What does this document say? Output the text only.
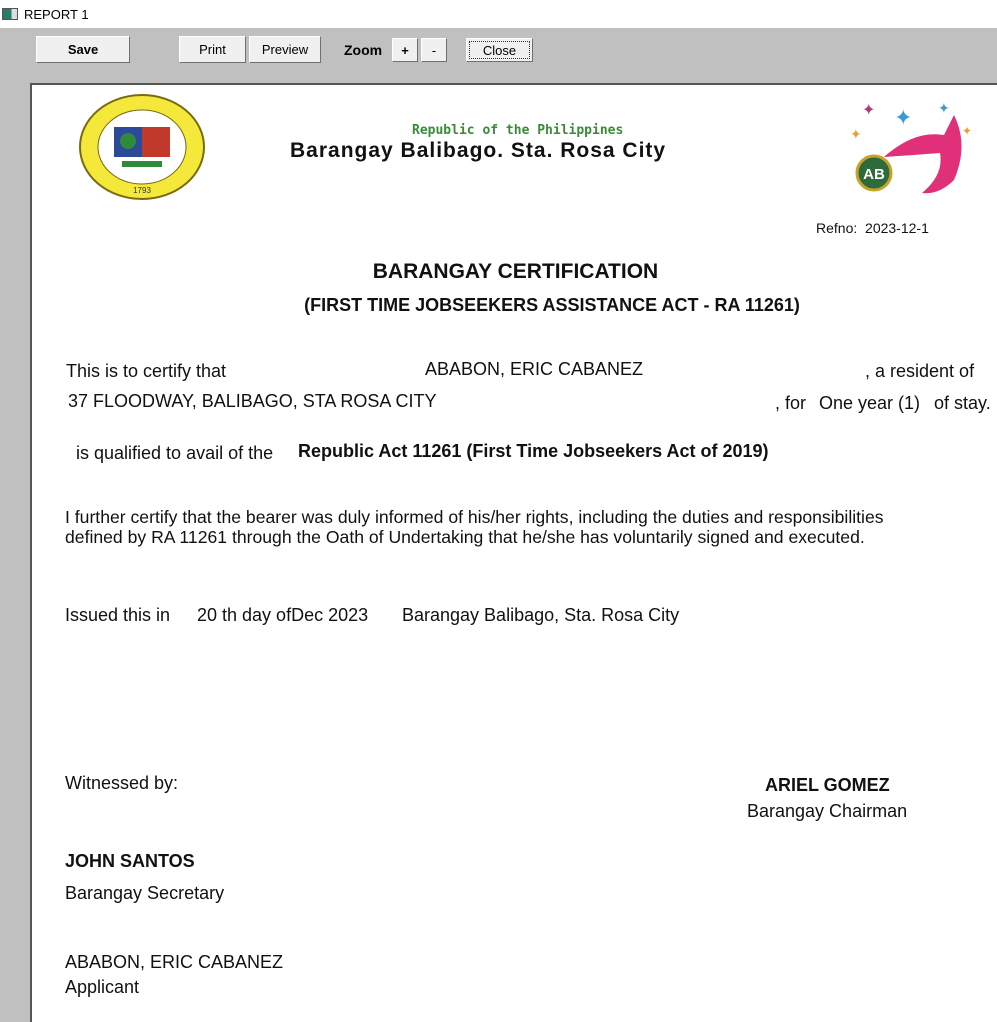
REPORT 1
Save	Print	Preview	Zoom	+	-	Close
1793
✦ ✦ ✦
✦	✦
AB
Republic of the Philippines
Barangay Balibago. Sta. Rosa City
Refno: 2023-12-1
BARANGAY CERTIFICATION
(FIRST TIME JOBSEEKERS ASSISTANCE ACT - RA 11261)
This is to certify that	ABABON, ERIC CABANEZ	, a resident of
37 FLOODWAY, BALIBAGO, STA ROSA CITY	, for One year (1) of stay.
is qualified to avail of the Republic Act 11261 (First Time Jobseekers Act of 2019)
I further certify that the bearer was duly informed of his/her rights, including the duties and responsibilities
defined by RA 11261 through the Oath of Undertaking that he/she has voluntarily signed and executed.
Issued this in 20 th day ofDec 2023 Barangay Balibago, Sta. Rosa City
Witnessed by:	ARIEL GOMEZ
Barangay Chairman
JOHN SANTOS
Barangay Secretary
ABABON, ERIC CABANEZ
Applicant
